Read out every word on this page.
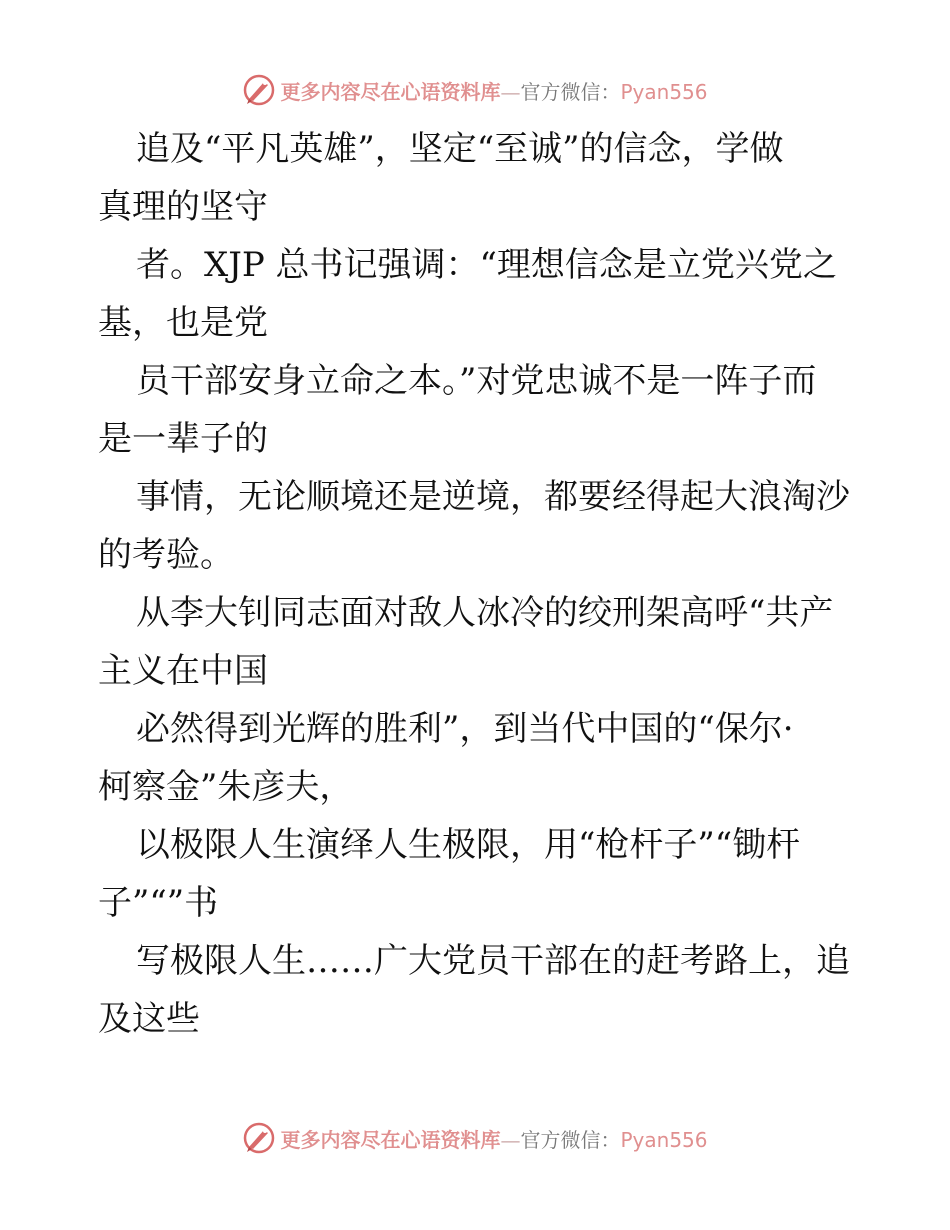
更多内容尽在心语资料库—官方微信：Pyan556
追及“平凡英雄”，坚定“至诚”的信念，学做
真理的坚守
者。XJP 总书记强调：“理想信念是立党兴党之
基，也是党
员干部安身立命之本。”对党忠诚不是一阵子而
是一辈子的
事情，无论顺境还是逆境，都要经得起大浪淘沙
的考验。
从李大钊同志面对敌人冰冷的绞刑架高呼“共产
主义在中国
必然得到光辉的胜利”，到当代中国的“保尔·
柯察金”朱彦夫，
以极限人生演绎人生极限，用“枪杆子”“锄杆
子”“”书
写极限人生……广大党员干部在的赶考路上，追
及这些
更多内容尽在心语资料库—官方微信：Pyan556
